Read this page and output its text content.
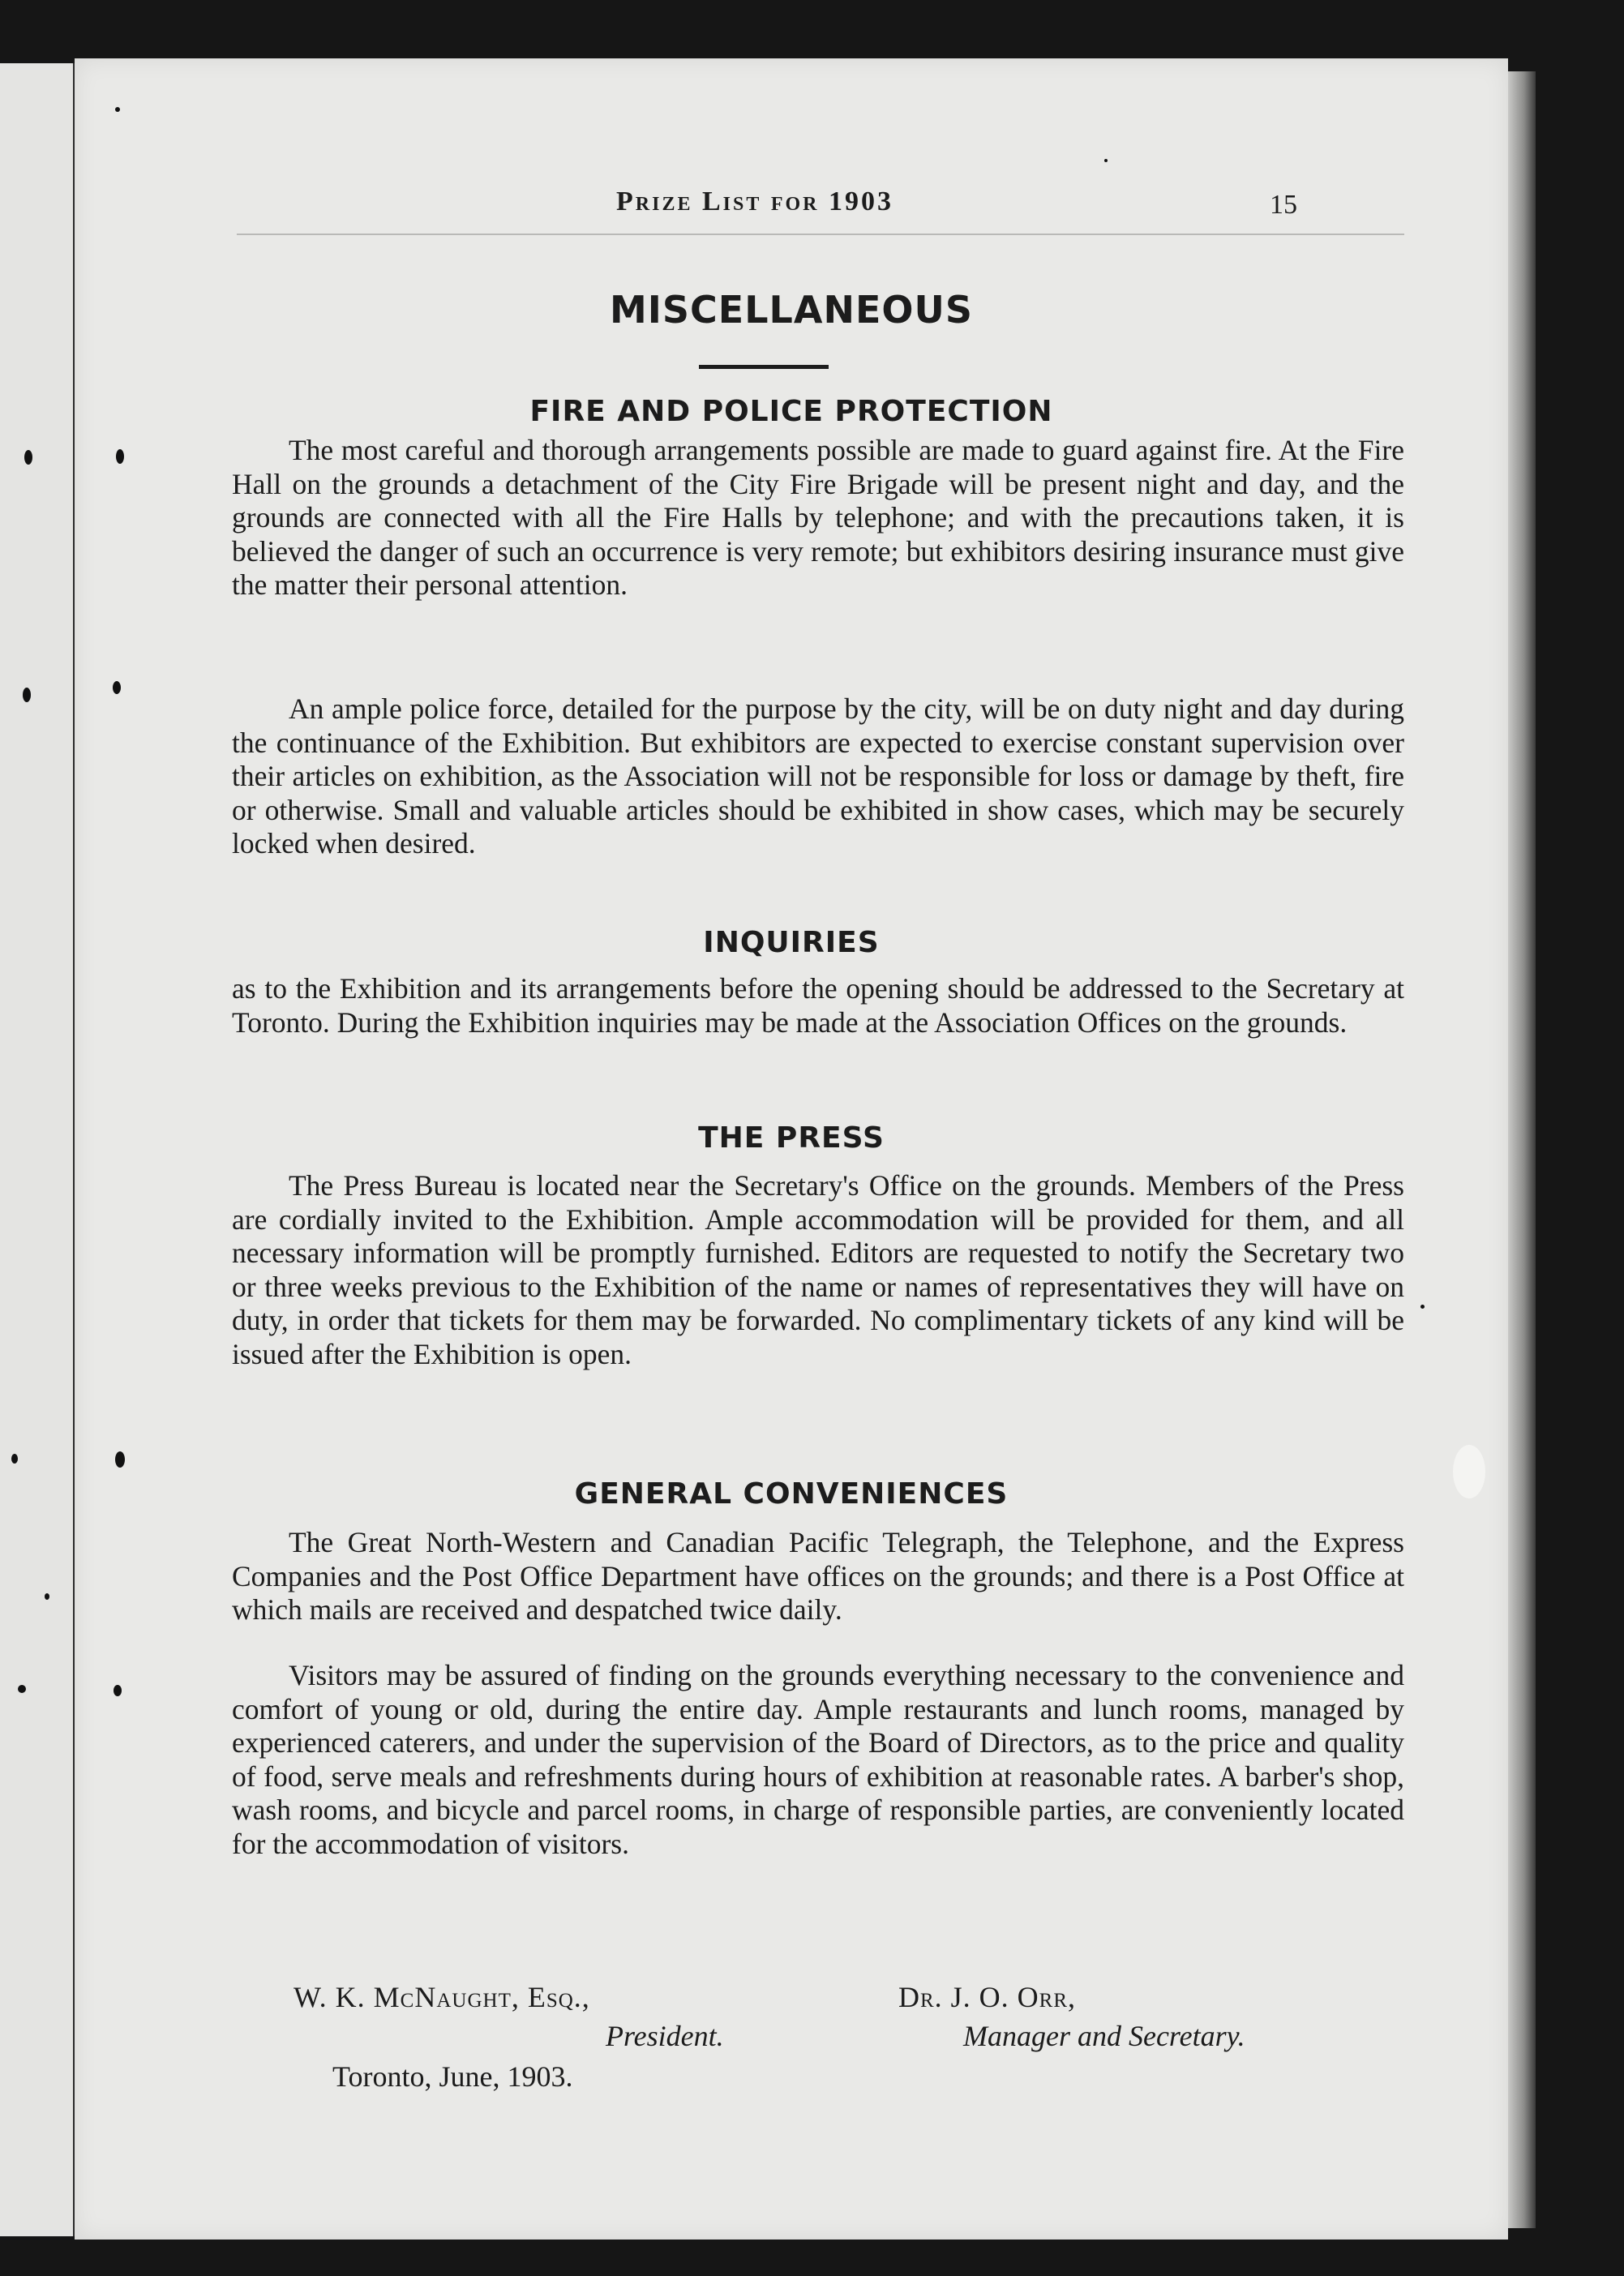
Prize List for 1903	15
MISCELLANEOUS
FIRE AND POLICE PROTECTION

The most careful and thorough arrangements possible are made to guard against fire. At the Fire Hall on the grounds a detachment of the City Fire Brigade will be present night and day, and the grounds are connected with all the Fire Halls by telephone; and with the precautions taken, it is believed the danger of such an occurrence is very remote; but exhibitors desiring insurance must give the matter their personal attention.

An ample police force, detailed for the purpose by the city, will be on duty night and day during the continuance of the Exhibition. But exhibitors are expected to exercise constant supervision over their articles on exhibition, as the Association will not be responsible for loss or damage by theft, fire or otherwise. Small and valuable articles should be exhibited in show cases, which may be securely locked when desired.

INQUIRIES

as to the Exhibition and its arrangements before the opening should be addressed to the Secretary at Toronto. During the Exhibition inquiries may be made at the Association Offices on the grounds.

THE PRESS

The Press Bureau is located near the Secretary's Office on the grounds. Members of the Press are cordially invited to the Exhibition. Ample accommodation will be provided for them, and all necessary information will be promptly furnished. Editors are requested to notify the Secretary two or three weeks previous to the Exhibition of the name or names of representatives they will have on duty, in order that tickets for them may be forwarded. No complimentary tickets of any kind will be issued after the Exhibition is open.

GENERAL CONVENIENCES

The Great North-Western and Canadian Pacific Telegraph, the Telephone, and the Express Companies and the Post Office Department have offices on the grounds; and there is a Post Office at which mails are received and despatched twice daily.

Visitors may be assured of finding on the grounds everything necessary to the convenience and comfort of young or old, during the entire day. Ample restaurants and lunch rooms, managed by experienced caterers, and under the supervision of the Board of Directors, as to the price and quality of food, serve meals and refreshments during hours of exhibition at reasonable rates. A barber's shop, wash rooms, and bicycle and parcel rooms, in charge of responsible parties, are conveniently located for the accommodation of visitors.

W. K. McNaught, Esq.,
President.
Dr. J. O. Orr,
Manager and Secretary.
Toronto, June, 1903.
